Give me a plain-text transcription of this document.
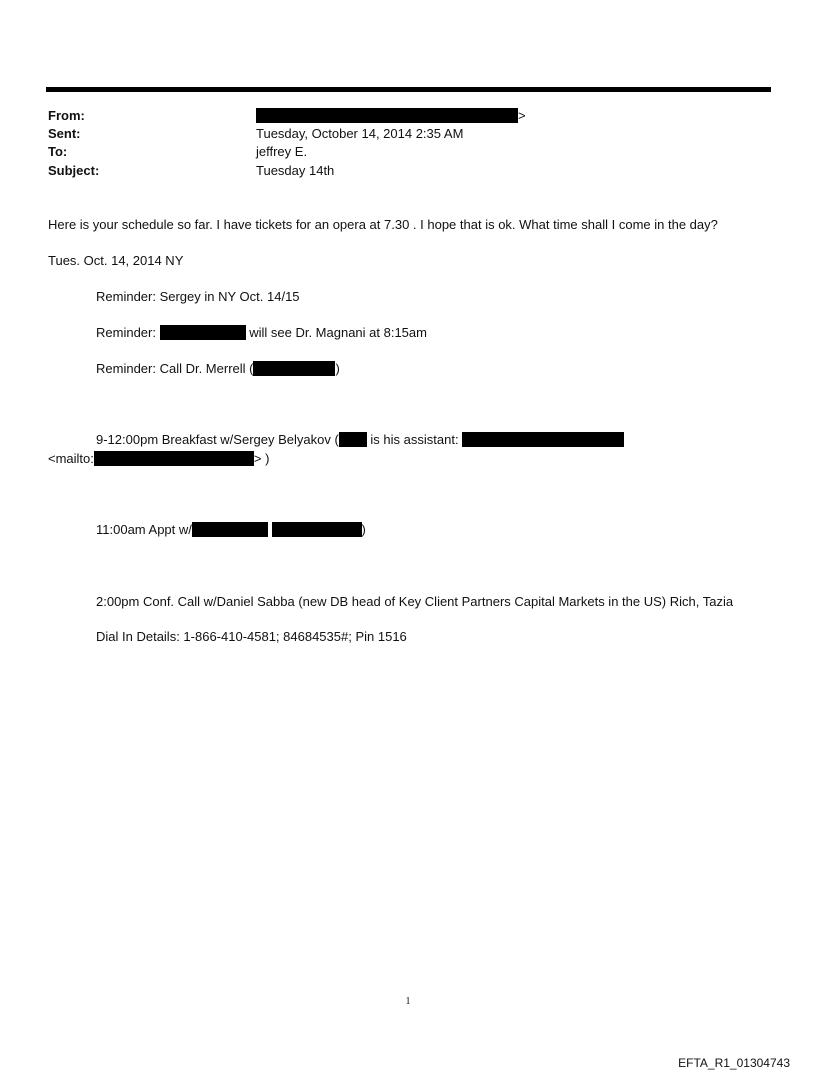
From:	>
Sent:	Tuesday, October 14, 2014 2:35 AM
To:	jeffrey E.
Subject:	Tuesday 14th
Here is your schedule so far. I have tickets for an opera at 7.30 . I hope that is ok. What time shall I come in the day?
Tues. Oct. 14, 2014 NY
Reminder: Sergey in NY Oct. 14/15
Reminder:	will see Dr. Magnani at 8:15am
Reminder: Call Dr. Merrell (	)
9-12:00pm Breakfast w/Sergey Belyakov ( is his assistant:
<mailto:	> )
11:00am Appt w/	)
2:00pm Conf. Call w/Daniel Sabba (new DB head of Key Client Partners Capital Markets in the US) Rich, Tazia
Dial In Details: 1-866-410-4581; 84684535#; Pin 1516
1
EFTA_R1_01304743
